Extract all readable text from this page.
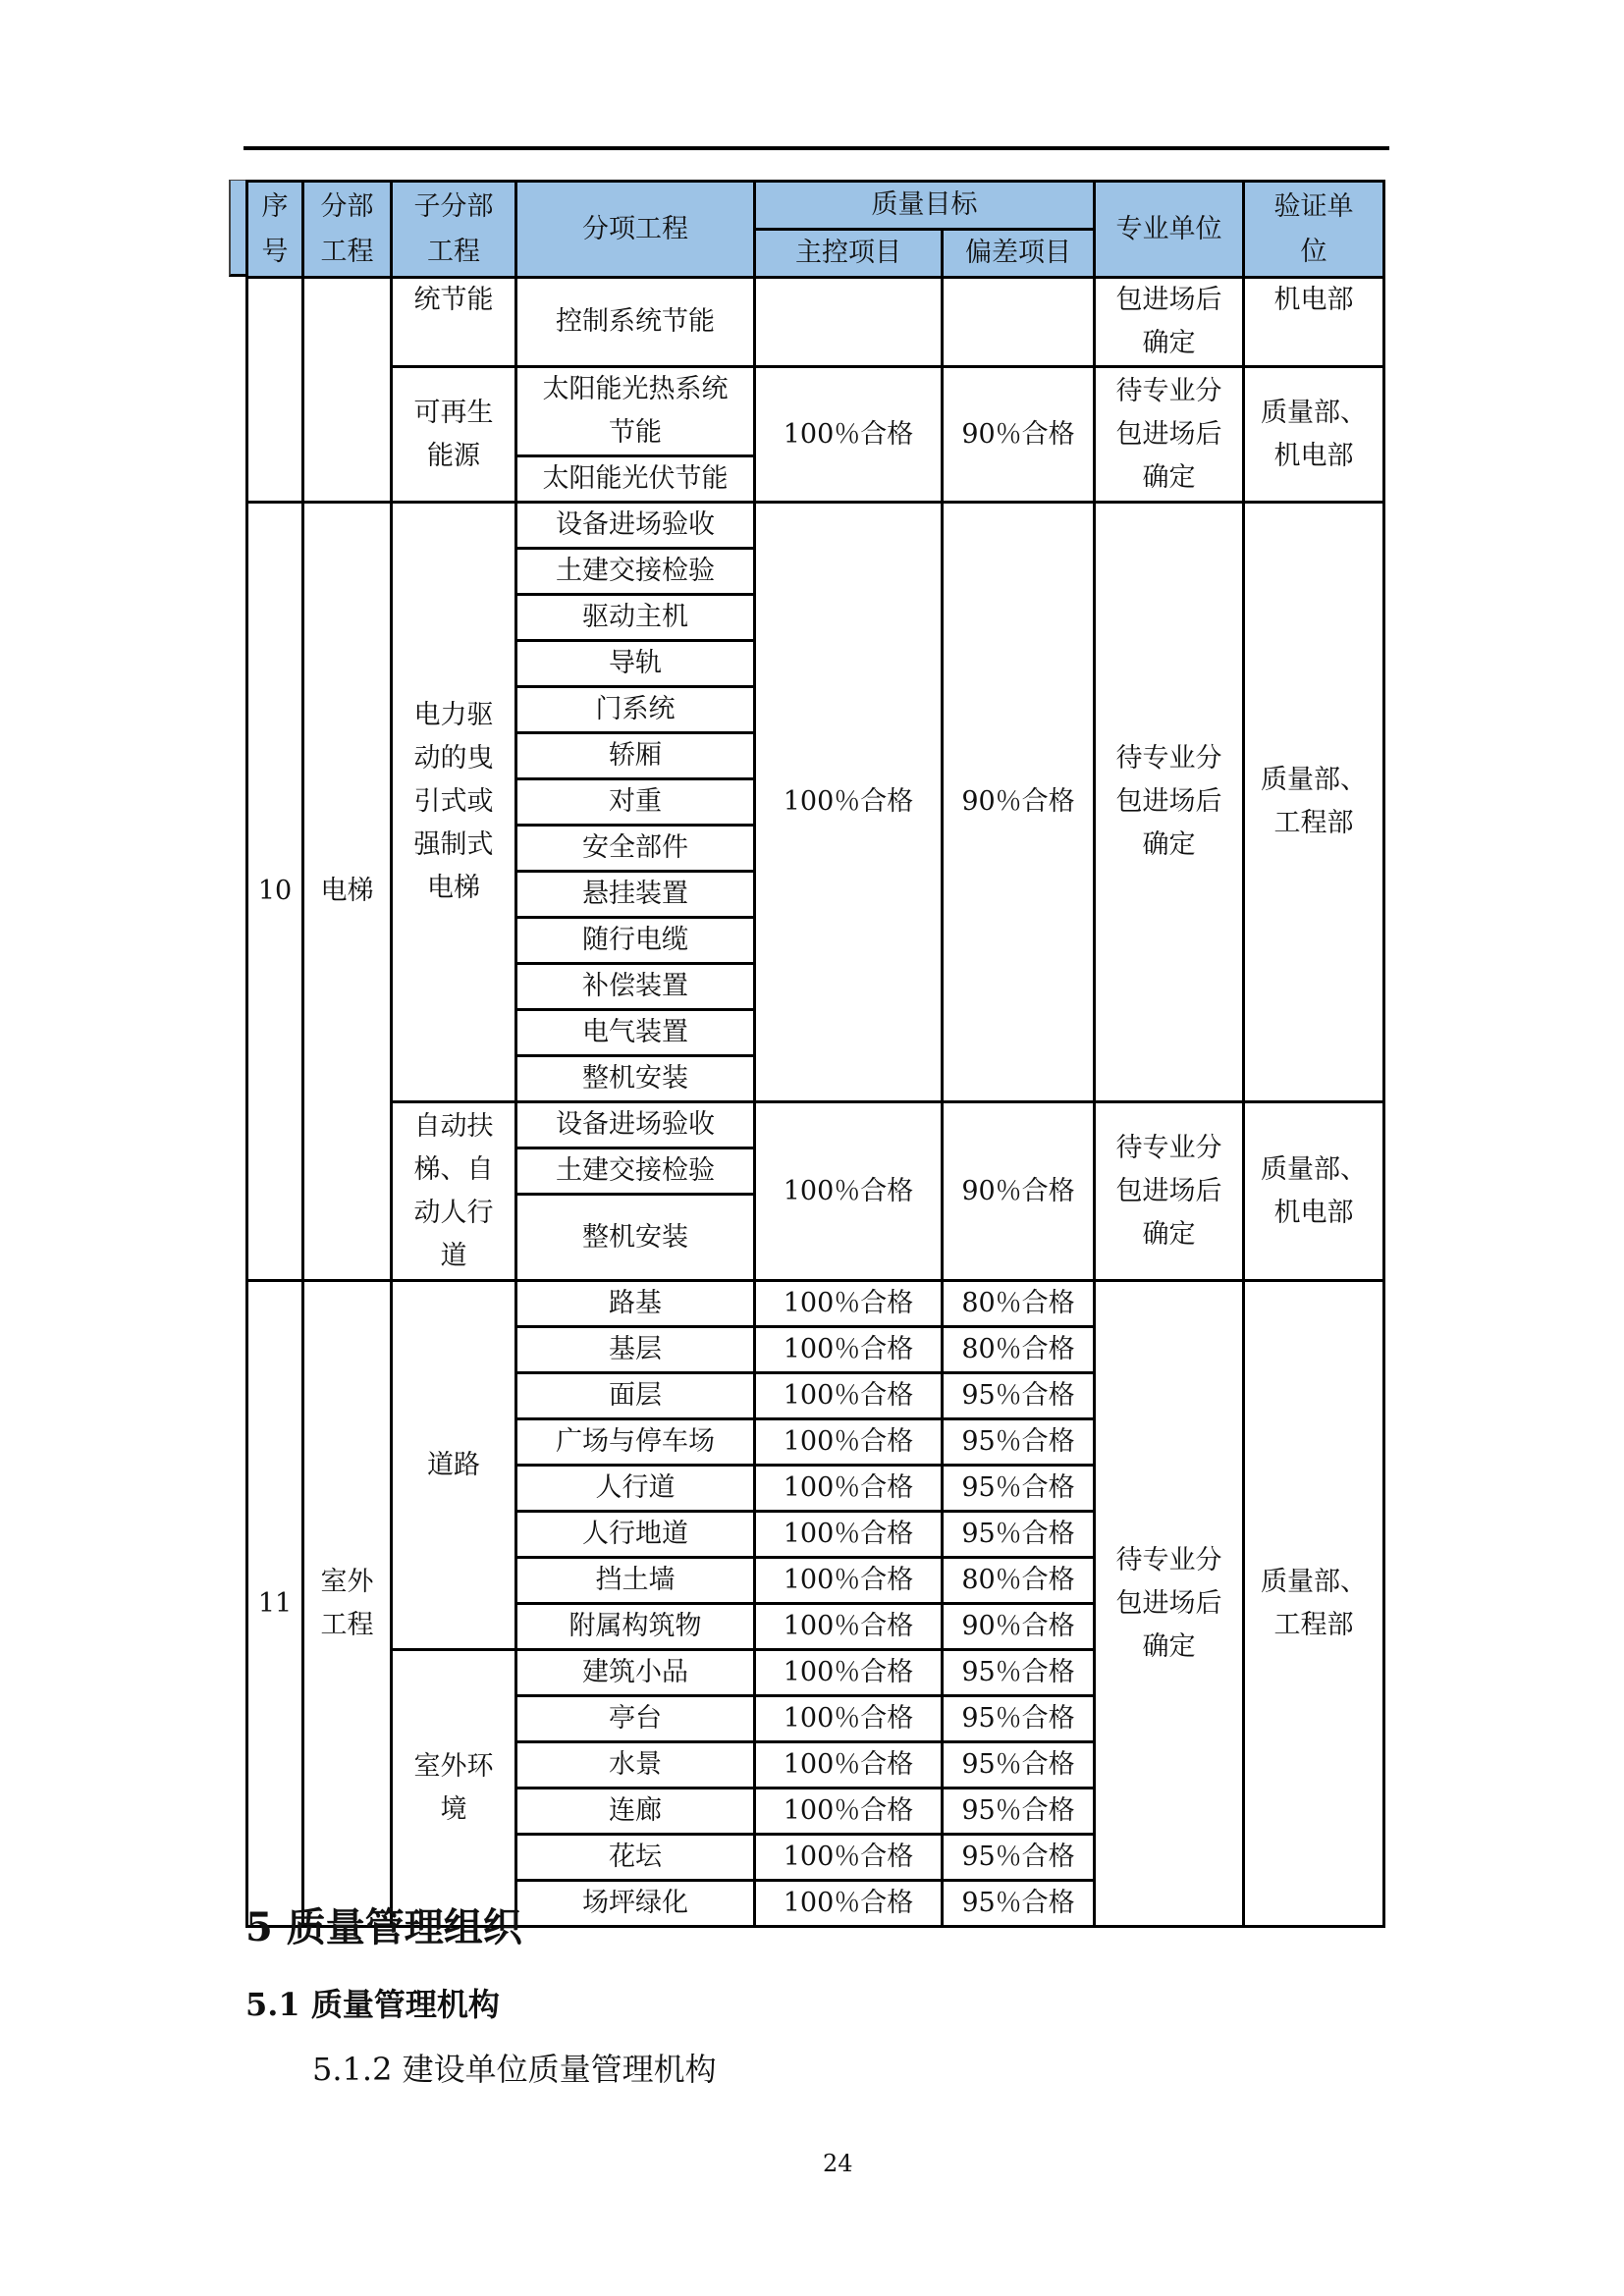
序号	分部工程	子分部工程	分项工程	质量目标		专业单位	验证单位

				主控项目	偏差项目		

		统节能	控制系统节能			包进场后确定	机电部

		可再生能源	太阳能光热系统节能	100％合格	90％合格	待专业分包进场后确定	质量部、机电部

			太阳能光伏节能				
10	电梯	电力驱动的曳引式或强制式电梯	设备进场验收	100％合格	90％合格	待专业分包进场后确定	质量部、工程部

			土建交接检验				
			驱动主机				
			导轨				
			门系统				
			轿厢				
			对重				
			安全部件				
			悬挂装置				
			随行电缆				
			补偿装置				
			电气装置				
			整机安装				

		自动扶梯、自动人行道	设备进场验收	100％合格	90％合格	待专业分包进场后确定	质量部、机电部

			土建交接检验				
			整机安装				
11	室外工程	道路	路基	100％合格	80％合格	待专业分包进场后确定	质量部、工程部

			基层	100％合格	80％合格		
			面层	100％合格	95％合格		
			广场与停车场	100％合格	95％合格		
			人行道	100％合格	95％合格		
			人行地道	100％合格	95％合格		
			挡土墙	100％合格	80％合格		
			附属构筑物	100％合格	90％合格		

		室外环境	建筑小品	100％合格	95％合格		
			亭台	100％合格	95％合格		
			水景	100％合格	95％合格		
			连廊	100％合格	95％合格		
			花坛	100％合格	95％合格		
			场坪绿化	100％合格	95％合格		
5 质量管理组织
5.1 质量管理机构

5.1.2 建设单位质量管理机构

24
